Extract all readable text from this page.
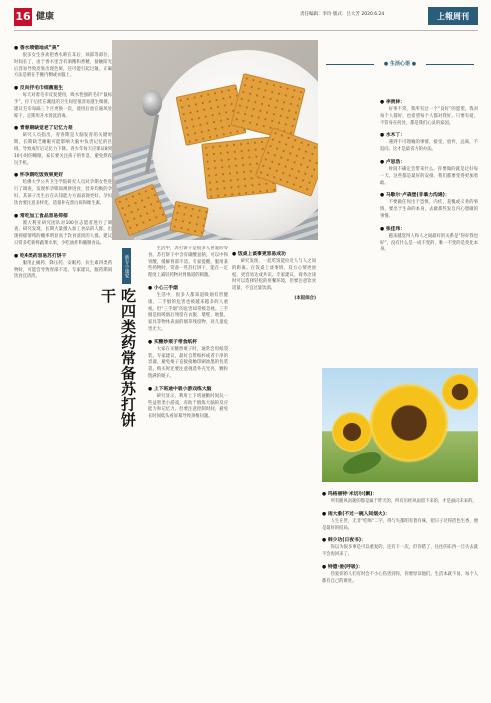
16 健康	责任编辑：李玲 版式：吕大芳 2020.6.24	上報周刊
● 香水喷错地成“臭”

很多女生喜欢把香水喷在耳后、颈部等部位，时间长了，由于香水里含有酒精和香精，接触阳光后容易导致皮肤出现色斑，还可能引起过敏。正确方法是喷在手腕内侧或衣服上。

● 反向抒毛巾细菌滋生

每天对着毛巾反复使用，吸水性强的毛巾“鼠标手”，拧干后挂在潮湿的卫生间里很容易滋生细菌。建议毛巾每隔三个月更换一次，使用后放在通风处晾干，定期用开水烫洗消毒。

● 青春期缺觉老了记忆力差

研究人员指出，青春期是大脑发育的关键时期，长期缺乏睡眠可能影响大脑中负责记忆的区域，导致成年后记忆力下降。青少年每天应保证8到10小时的睡眠，家长要关注孩子的作息，避免熬夜玩手机。

● 怀孕期吃饭效果更好

哈佛大学公共卫生学院研究人员对孕期女性进行了调查，发现怀孕期间规律进食、营养均衡的孕妇，其孩子出生后在认知能力方面表现更好。孕妇饮食要注意多样化，适量补充蛋白质和维生素。

● 常吃加工食品容易抑郁

澳大利亚研究团队对100位志愿者进行了调查，研究发现，长期大量摄入加工食品的人群，出现抑郁情绪的概率明显高于饮食清淡的人群。建议日常多吃新鲜蔬菜水果，少吃油炸和腌制食品。

● 吃4类药容易苏打饼干

服用止痛药、降压药、安眠药、抗生素四类药物时，可能会导致胃部不适。专家建议，服药期间饮食宜清淡。	新专小康家
吃四类药常备苏打饼干

生活中，苏打饼干是很多人喜爱的零食。苏打饼干中含有碳酸氢钠，可以中和胃酸，缓解胃部不适。专家提醒，服用某些药物时，常备一些苏打饼干，能在一定程度上减轻药物对胃肠道的刺激。

● 小心三手烟

生活中，很多人都知道吸烟有害健康，二手烟的危害也被越来越多的人重视。但“三手烟”的危害却常被忽视。三手烟是指吸烟后残留在衣服、墙壁、地毯、家具等物体表面的烟草残留物，对儿童危害尤大。

● 买糖炒栗子带食纸杯

大家在买糖炒栗子时，通常会用纸袋装。专家建议，最好自带纸杯或者干净的容器，避免栗子直接接触印刷油墨的包装袋。购买时还要注意挑选外壳光亮、颗粒饱满的栗子。

● 上下班途中吸小游戏练大脑

研究显示，利用上下班通勤时间玩一些益智类小游戏，有助于锻炼大脑的反应能力和记忆力。但要注意控制时间，避免长时间低头看屏幕导致颈椎问题。

● 饭桌上谈事更容易成功

研究发现，一起吃饭能拉近人与人之间的距离。在饭桌上谈事情，双方心情更放松，更容易达成共识。专家建议，商务洽谈时可以选择轻松的用餐环境，但要注意饮食适量，不宜过量饮酒。

(本报综合)
● 生活心语 ●
● 李贵林：

好事不常，我所有过一个“良好”的愿望。我对每个人都好，也希望每个人都对我好。只要有爱，不管身在何处，都是我们心灵的家园。

● 水木丁：

遇到不可理喻的事情，接受，放弃，远离，不追问。这才是最省力的办法。

● 卢思浩：

时间不确定会带来什么，你要做的就是过好每一天。这些都是最好的安排，我们都要变得更加勇敢。

● 马歇尔·卢森堡(非暴力沟通)：

不要做任何出于恐惧、内疚、羞愧或义务的事情，要出于生命的本身，去做那些发自内心想做的事情。

● 张佳玮：

越来越觉得人和人之间最好的关系是“你好我也好”，没有什么是一成不变的，唯一不变的是变化本身。

● 玛格丽特·米切尔(飘)：

所有随风而逝的都是属于昨天的，所有历经风雨留下来的，才是面向未来的。

● 雨大象(不过一碗人间烟火)：

人生在世，无非“吃喝”二字。得与失都明有着有味，把日子过得活色生香，便是最好的结局。

● 韩少功(日夜书)：

你以为很多事是可以重复的，还有下一次，但你错了，往往的东西一旦失去就不会再回来了。

● 特德·姜(呼吸)：

热爱你的人们有时会不小心伤害到你，你要原谅他们。生活本就不易，每个人都有自己的难处。
